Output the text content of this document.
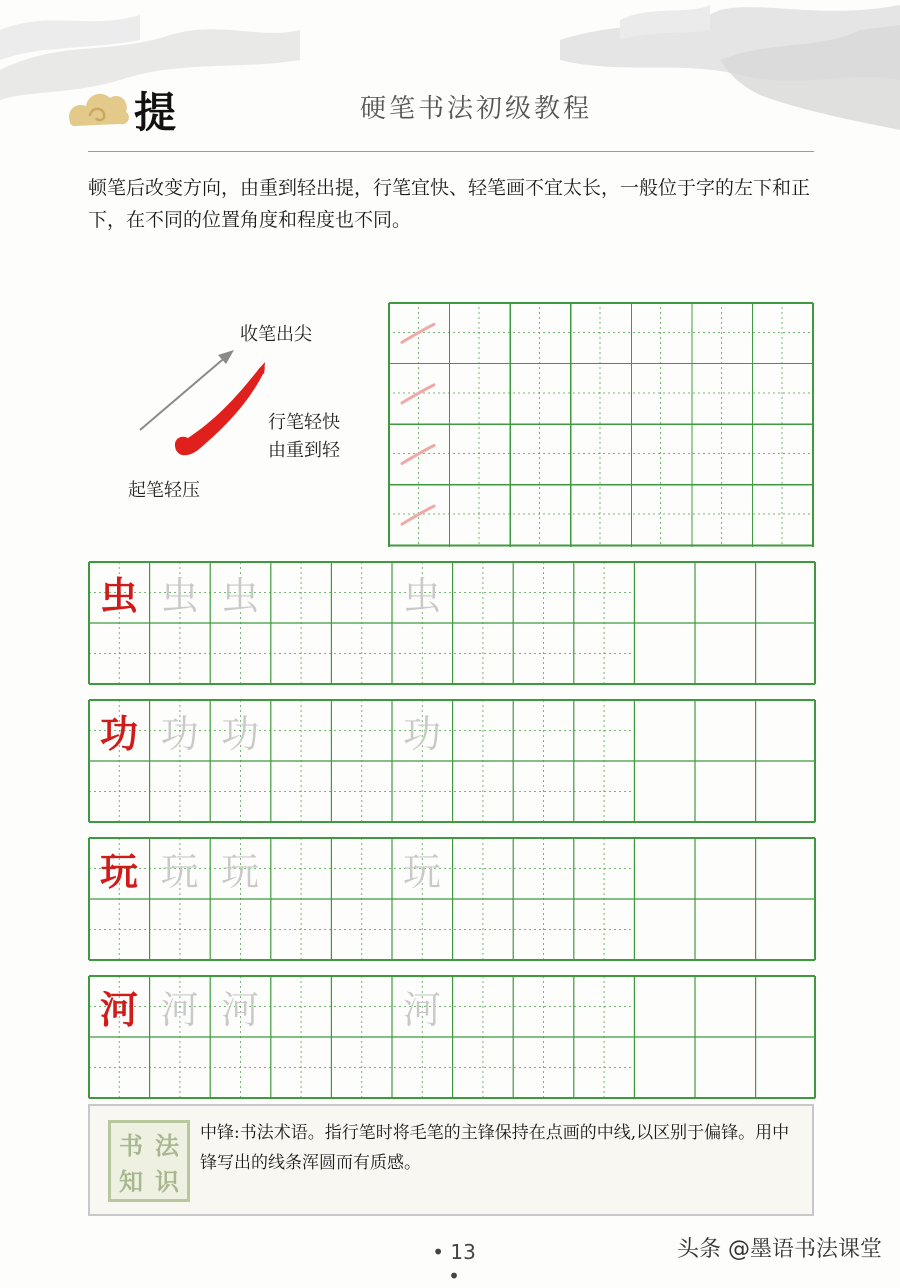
提	硬笔书法初级教程
顿笔后改变方向，由重到轻出提，行笔宜快、轻笔画不宜太长，一般位于字的左下和正下，在不同的位置角度和程度也不同。
收笔出尖
行笔轻快
由重到轻
起笔轻压
虫 虫 虫	虫
功 功 功	功
玩 玩 玩	玩
河 河 河	河
书 法
知 识
中锋:书法术语。指行笔时将毛笔的主锋保持在点画的中线,以区别于偏锋。用中锋写出的线条浑圆而有质感。
• 13 •
头条 @墨语书法课堂
